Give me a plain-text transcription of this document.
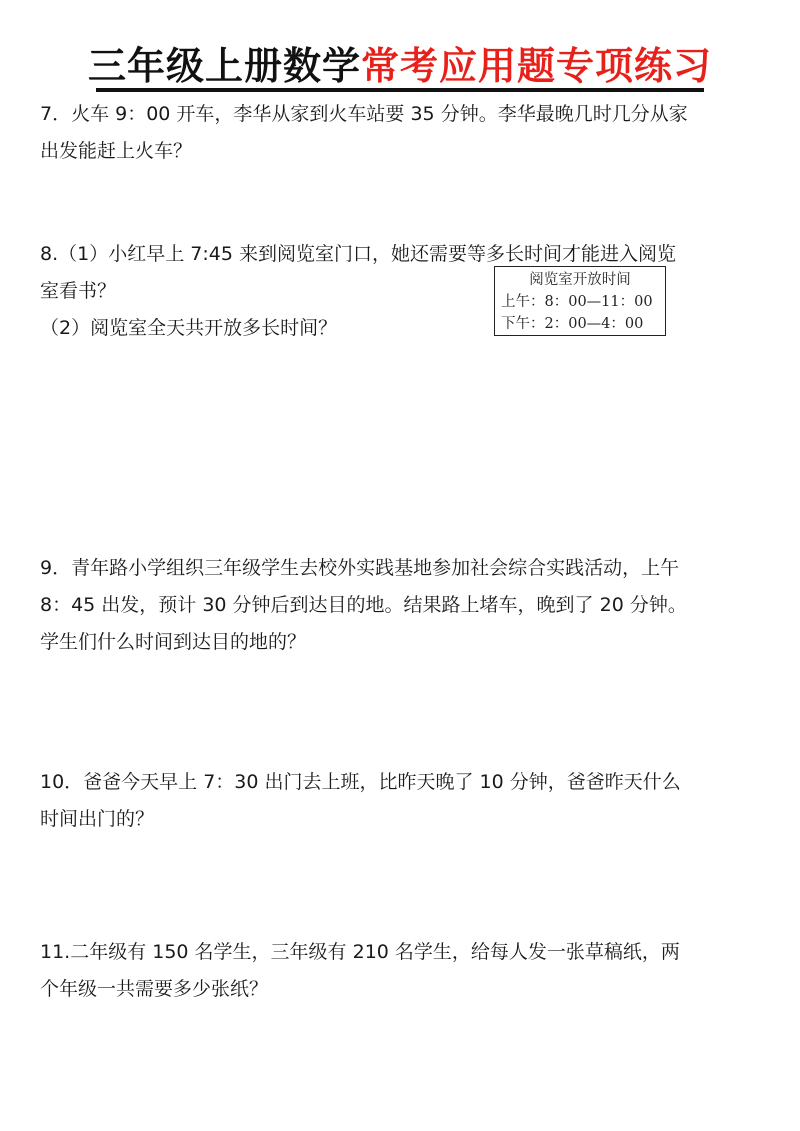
三年级上册数学常考应用题专项练习

7．火车 9：00 开车，李华从家到火车站要 35 分钟。李华最晚几时几分从家

出发能赶上火车？

8.（1）小红早上 7:45 来到阅览室门口，她还需要等多长时间才能进入阅览

室看书？

（2）阅览室全天共开放多长时间？

阅览室开放时间
上午：8：00—11：00
下午：2：00—4：00

9．青年路小学组织三年级学生去校外实践基地参加社会综合实践活动，上午

8：45 出发，预计 30 分钟后到达目的地。结果路上堵车，晚到了 20 分钟。

学生们什么时间到达目的地的？

10．爸爸今天早上 7：30 出门去上班，比昨天晚了 10 分钟，爸爸昨天什么

时间出门的？

11.二年级有 150 名学生，三年级有 210 名学生，给每人发一张草稿纸，两

个年级一共需要多少张纸？
